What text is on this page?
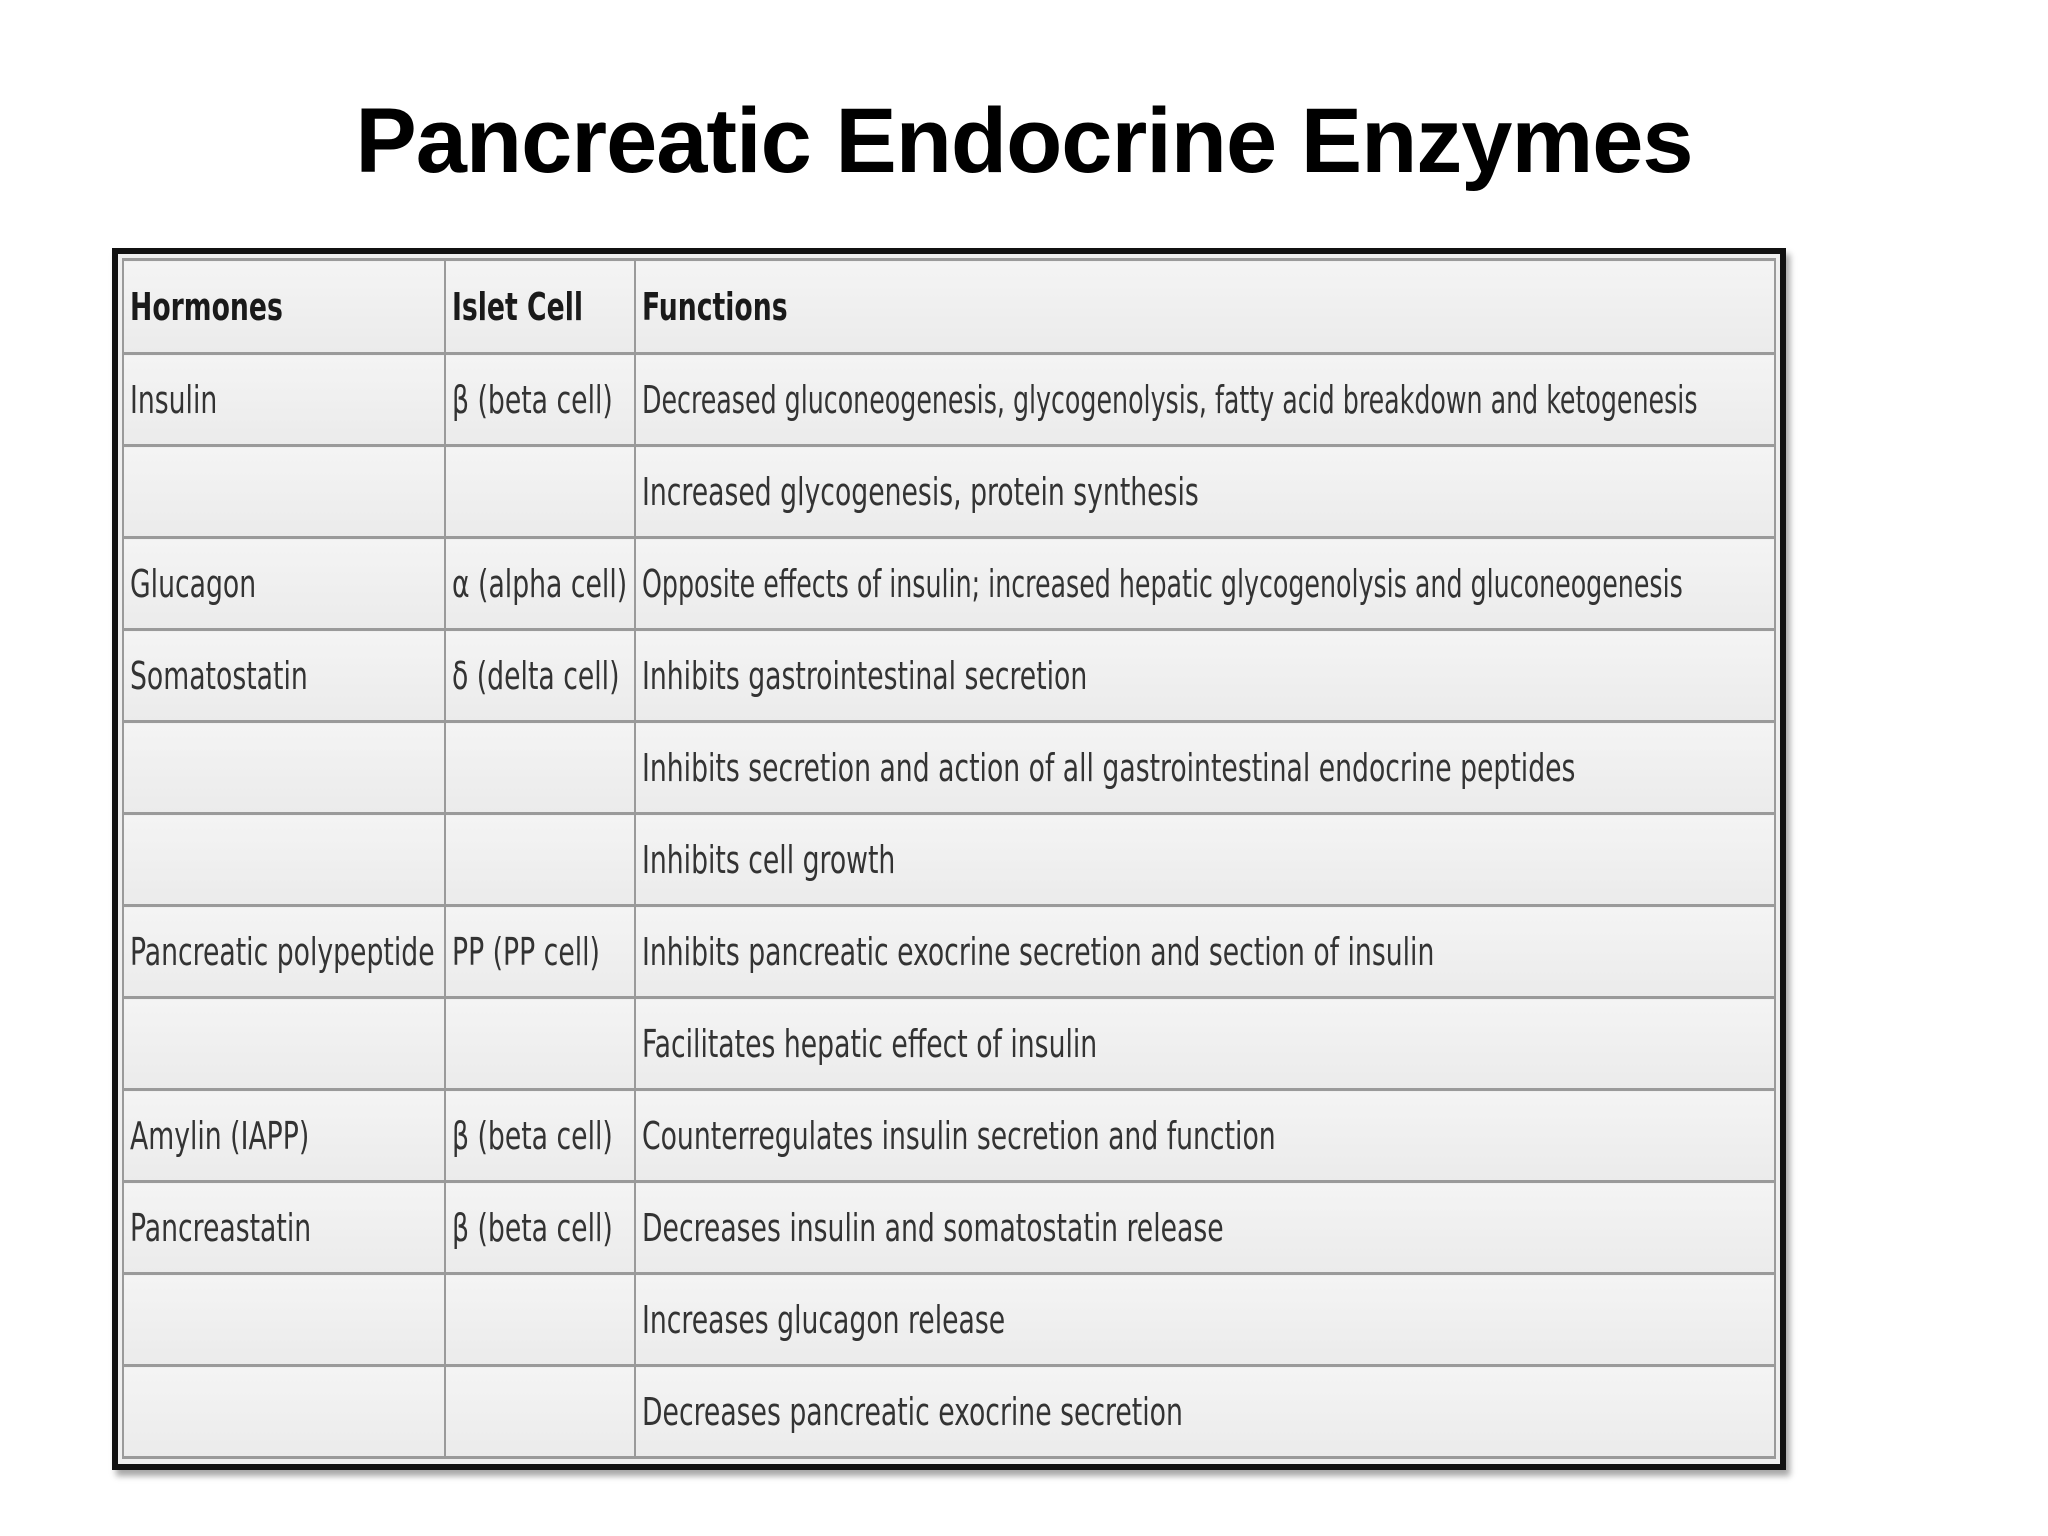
Pancreatic Endocrine Enzymes
Hormones	Islet Cell	Functions
Insulin	β (beta cell)	Decreased gluconeogenesis, glycogenolysis, fatty acid breakdown and ketogenesis
		Increased glycogenesis, protein synthesis
Glucagon	α (alpha cell)	Opposite effects of insulin; increased hepatic glycogenolysis and gluconeogenesis
Somatostatin	δ (delta cell)	Inhibits gastrointestinal secretion
		Inhibits secretion and action of all gastrointestinal endocrine peptides
		Inhibits cell growth
Pancreatic polypeptide	PP (PP cell)	Inhibits pancreatic exocrine secretion and section of insulin
		Facilitates hepatic effect of insulin
Amylin (IAPP)	β (beta cell)	Counterregulates insulin secretion and function
Pancreastatin	β (beta cell)	Decreases insulin and somatostatin release
		Increases glucagon release
		Decreases pancreatic exocrine secretion
